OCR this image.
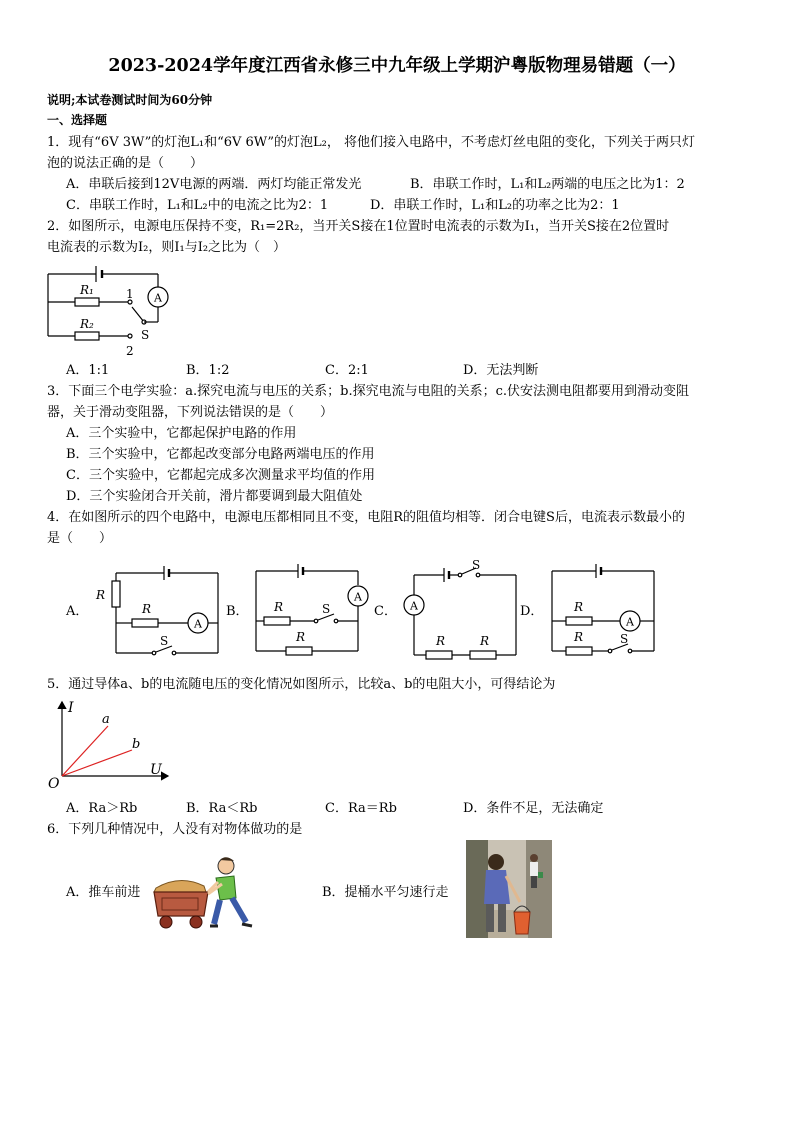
2023-2024学年度江西省永修三中九年级上学期沪粤版物理易错题（一）
说明;本试卷测试时间为60分钟
一、选择题
1．现有“6V 3W”的灯泡L₁和“6V 6W”的灯泡L₂， 将他们接入电路中，不考虑灯丝电阻的变化，下列关于两只灯
泡的说法正确的是（　　）
A．串联后接到12V电源的两端．两灯均能正常发光	B．串联工作时，L₁和L₂两端的电压之比为1：2
C．串联工作时，L₁和L₂中的电流之比为2：1	D．串联工作时，L₁和L₂的功率之比为2：1
2．如图所示，电源电压保持不变，R₁=2R₂，当开关S接在1位置时电流表的示数为I₁，当开关S接在2位置时
电流表的示数为I₂，则I₁与I₂之比为（　）
R₁
R₂
1
2
S
A
A．1:1	B．1:2	C．2:1	D．无法判断
3．下面三个电学实验：a.探究电流与电压的关系；b.探究电流与电阻的关系；c.伏安法测电阻都要用到滑动变阻
器，关于滑动变阻器，下列说法错误的是（　　）
A．三个实验中，它都起保护电路的作用
B．三个实验中，它都起改变部分电路两端电压的作用
C．三个实验中，它都起完成多次测量求平均值的作用
D．三个实验闭合开关前，滑片都要调到最大阻值处
4．在如图所示的四个电路中，电源电压都相同且不变，电阻R的阻值均相等．闭合电键S后，电流表示数最小的
是（　　）
A．
R
R
S
A
B． R	S
R
A
C．
S
R	R
A	D．	R
R	S
A
5．通过导体a、b的电流随电压的变化情况如图所示，比较a、b的电阻大小，可得结论为
I
U
O
a
b
A．Ra＞Rb	B．Ra＜Rb	C．Ra＝Rb	D．条件不足，无法确定
6．下列几种情况中，人没有对物体做功的是
A．推车前进	B．提桶水平匀速行走
